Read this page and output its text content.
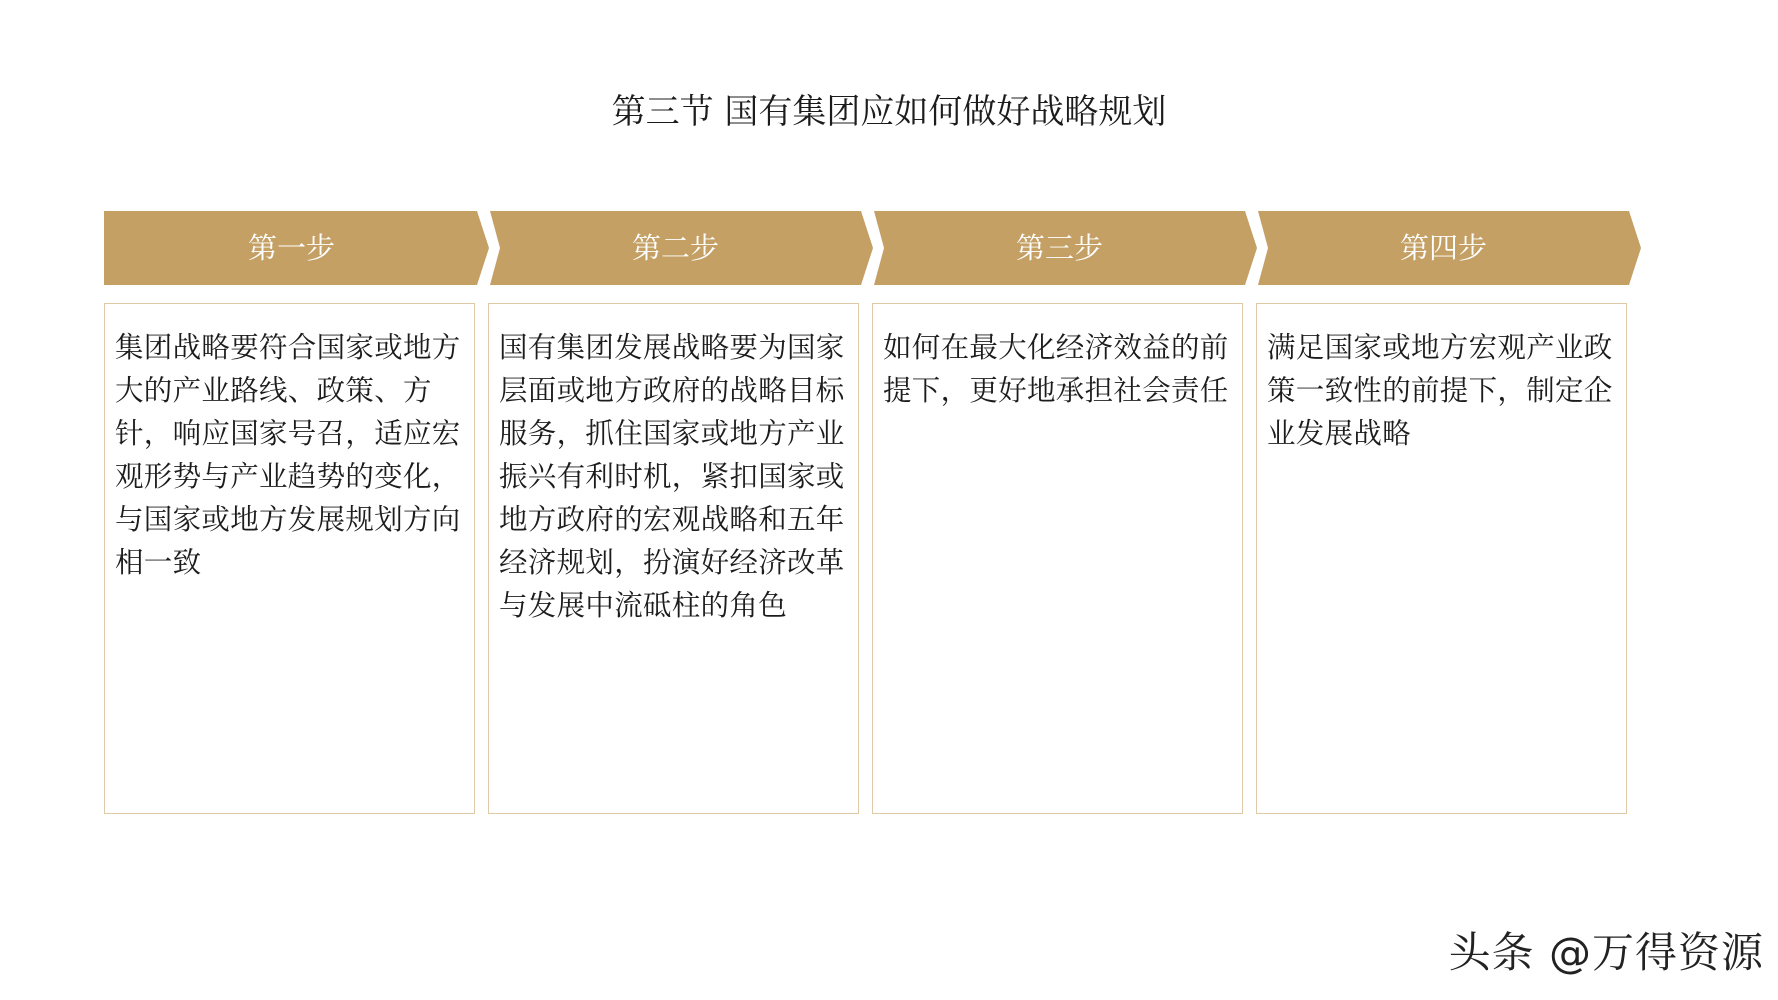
第三节 国有集团应如何做好战略规划
第一步
集团战略要符合国家或地方大的产业路线、政策、方针，响应国家号召，适应宏观形势与产业趋势的变化，与国家或地方发展规划方向相一致
第二步
国有集团发展战略要为国家层面或地方政府的战略目标服务，抓住国家或地方产业振兴有利时机，紧扣国家或地方政府的宏观战略和五年经济规划，扮演好经济改革与发展中流砥柱的角色
第三步
如何在最大化经济效益的前提下，更好地承担社会责任
第四步
满足国家或地方宏观产业政策一致性的前提下，制定企业发展战略
头条 @万得资源
